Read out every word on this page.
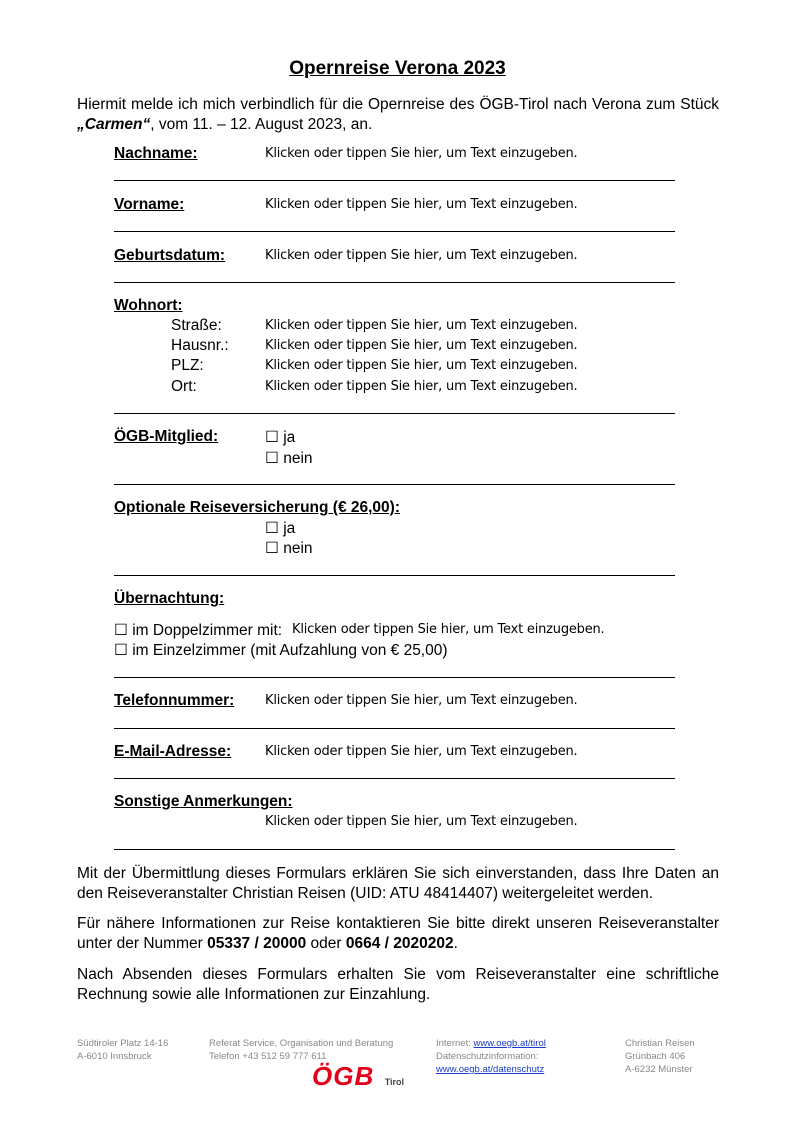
Opernreise Verona 2023
Hiermit melde ich mich verbindlich für die Opernreise des ÖGB-Tirol nach Verona zum Stück „Carmen“, vom 11. – 12. August 2023, an.
Nachname:	Klicken oder tippen Sie hier, um Text einzugeben.
Vorname:	Klicken oder tippen Sie hier, um Text einzugeben.
Geburtsdatum:	Klicken oder tippen Sie hier, um Text einzugeben.
Wohnort:
Straße:	Klicken oder tippen Sie hier, um Text einzugeben.
Hausnr.:	Klicken oder tippen Sie hier, um Text einzugeben.
PLZ:	Klicken oder tippen Sie hier, um Text einzugeben.
Ort:	Klicken oder tippen Sie hier, um Text einzugeben.
ÖGB-Mitglied:	☐ ja
☐ nein
Optionale Reiseversicherung (€ 26,00):
☐ ja
☐ nein
Übernachtung:
☐ im Doppelzimmer mit: Klicken oder tippen Sie hier, um Text einzugeben.
☐ im Einzelzimmer (mit Aufzahlung von € 25,00)
Telefonnummer: Klicken oder tippen Sie hier, um Text einzugeben.
E-Mail-Adresse:	Klicken oder tippen Sie hier, um Text einzugeben.
Sonstige Anmerkungen:
Klicken oder tippen Sie hier, um Text einzugeben.
Mit der Übermittlung dieses Formulars erklären Sie sich einverstanden, dass Ihre Daten an den Reiseveranstalter Christian Reisen (UID: ATU 48414407) weitergeleitet werden.
Für nähere Informationen zur Reise kontaktieren Sie bitte direkt unseren Reiseveranstalter unter der Nummer 05337 / 20000 oder 0664 / 2020202.
Nach Absenden dieses Formulars erhalten Sie vom Reiseveranstalter eine schriftliche Rechnung sowie alle Informationen zur Einzahlung.
Südtiroler Platz 14-16
A-6010 Innsbruck
Referat Service, Organisation und Beratung
Telefon +43 512 59 777 611
Internet: www.oegb.at/tirol
Datenschutzinformation:
www.oegb.at/datenschutz
Christian Reisen
Grünbach 406
A-6232 Münster
ÖGB Tirol
